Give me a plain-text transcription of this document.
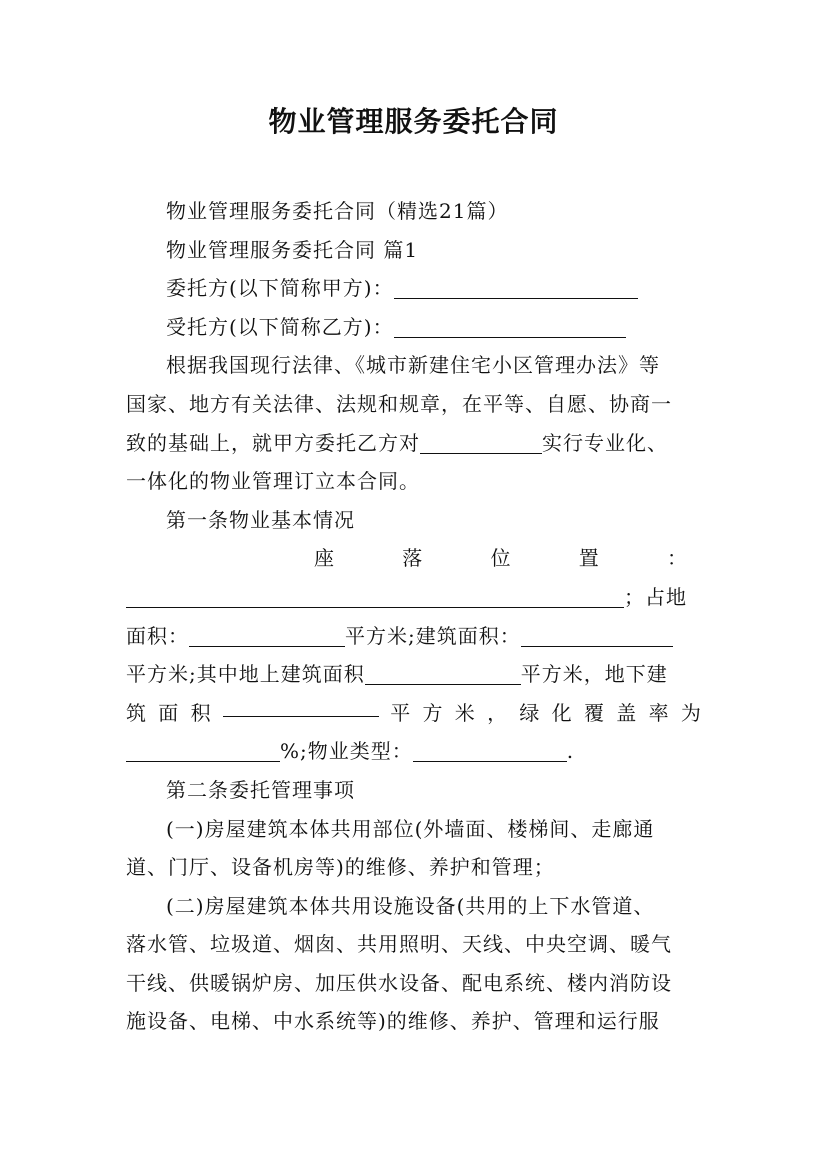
物业管理服务委托合同
物业管理服务委托合同（精选21篇）
物业管理服务委托合同 篇1
委托方(以下简称甲方)：
受托方(以下简称乙方)：
根据我国现行法律、《城市新建住宅小区管理办法》等
国家、地方有关法律、法规和规章，在平等、自愿、协商一
致的基础上，就甲方委托乙方对	实行专业化、
一体化的物业管理订立本合同。
第一条物业基本情况
座	落	位	置	：
；占地
面积：	平方米;建筑面积：
平方米;其中地上建筑面积	平方米，地下建
筑 面 积	平 方 米 ， 绿 化 覆 盖 率 为
%;物业类型：	.
第二条委托管理事项
(一)房屋建筑本体共用部位(外墙面、楼梯间、走廊通
道、门厅、设备机房等)的维修、养护和管理；
(二)房屋建筑本体共用设施设备(共用的上下水管道、
落水管、垃圾道、烟囱、共用照明、天线、中央空调、暖气
干线、供暖锅炉房、加压供水设备、配电系统、楼内消防设
施设备、电梯、中水系统等)的维修、养护、管理和运行服
